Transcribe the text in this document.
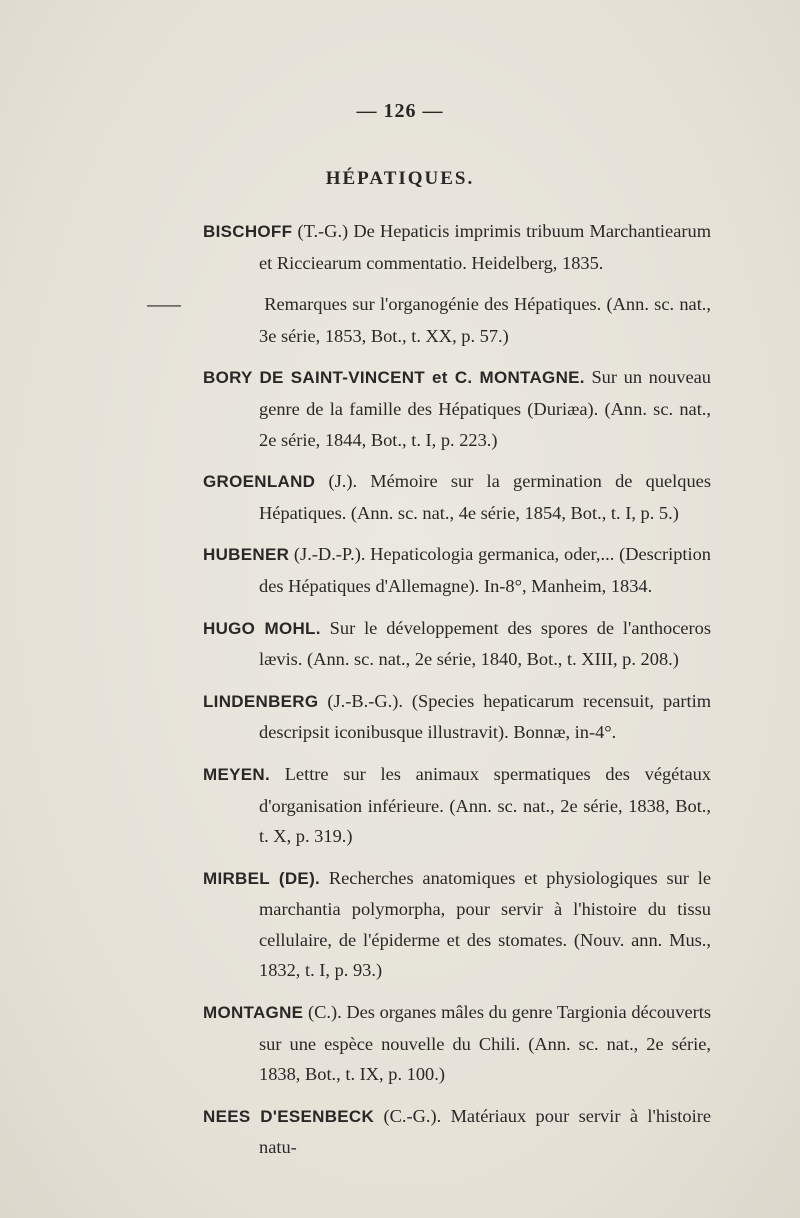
— 126 —
HÉPATIQUES.

BISCHOFF (T.-G.) De Hepaticis imprimis tribuum Marchantiearum et Ricciearum commentatio. Heidelberg, 1835.

——	Remarques sur l'organogénie des Hépatiques. (Ann. sc. nat., 3e série, 1853, Bot., t. XX, p. 57.)

BORY DE SAINT-VINCENT et C. MONTAGNE. Sur un nouveau genre de la famille des Hépatiques (Duriæa). (Ann. sc. nat., 2e série, 1844, Bot., t. I, p. 223.)

GROENLAND (J.). Mémoire sur la germination de quelques Hépatiques. (Ann. sc. nat., 4e série, 1854, Bot., t. I, p. 5.)

HUBENER (J.-D.-P.). Hepaticologia germanica, oder,... (Description des Hépatiques d'Allemagne). In-8°, Manheim, 1834.

HUGO MOHL. Sur le développement des spores de l'anthoceros lævis. (Ann. sc. nat., 2e série, 1840, Bot., t. XIII, p. 208.)

LINDENBERG (J.-B.-G.). (Species hepaticarum recensuit, partim descripsit iconibusque illustravit). Bonnæ, in-4°.

MEYEN. Lettre sur les animaux spermatiques des végétaux d'organisation inférieure. (Ann. sc. nat., 2e série, 1838, Bot., t. X, p. 319.)

MIRBEL (DE). Recherches anatomiques et physiologiques sur le marchantia polymorpha, pour servir à l'histoire du tissu cellulaire, de l'épiderme et des stomates. (Nouv. ann. Mus., 1832, t. I, p. 93.)

MONTAGNE (C.). Des organes mâles du genre Targionia découverts sur une espèce nouvelle du Chili. (Ann. sc. nat., 2e série, 1838, Bot., t. IX, p. 100.)

NEES D'ESENBECK (C.-G.). Matériaux pour servir à l'histoire natu-
